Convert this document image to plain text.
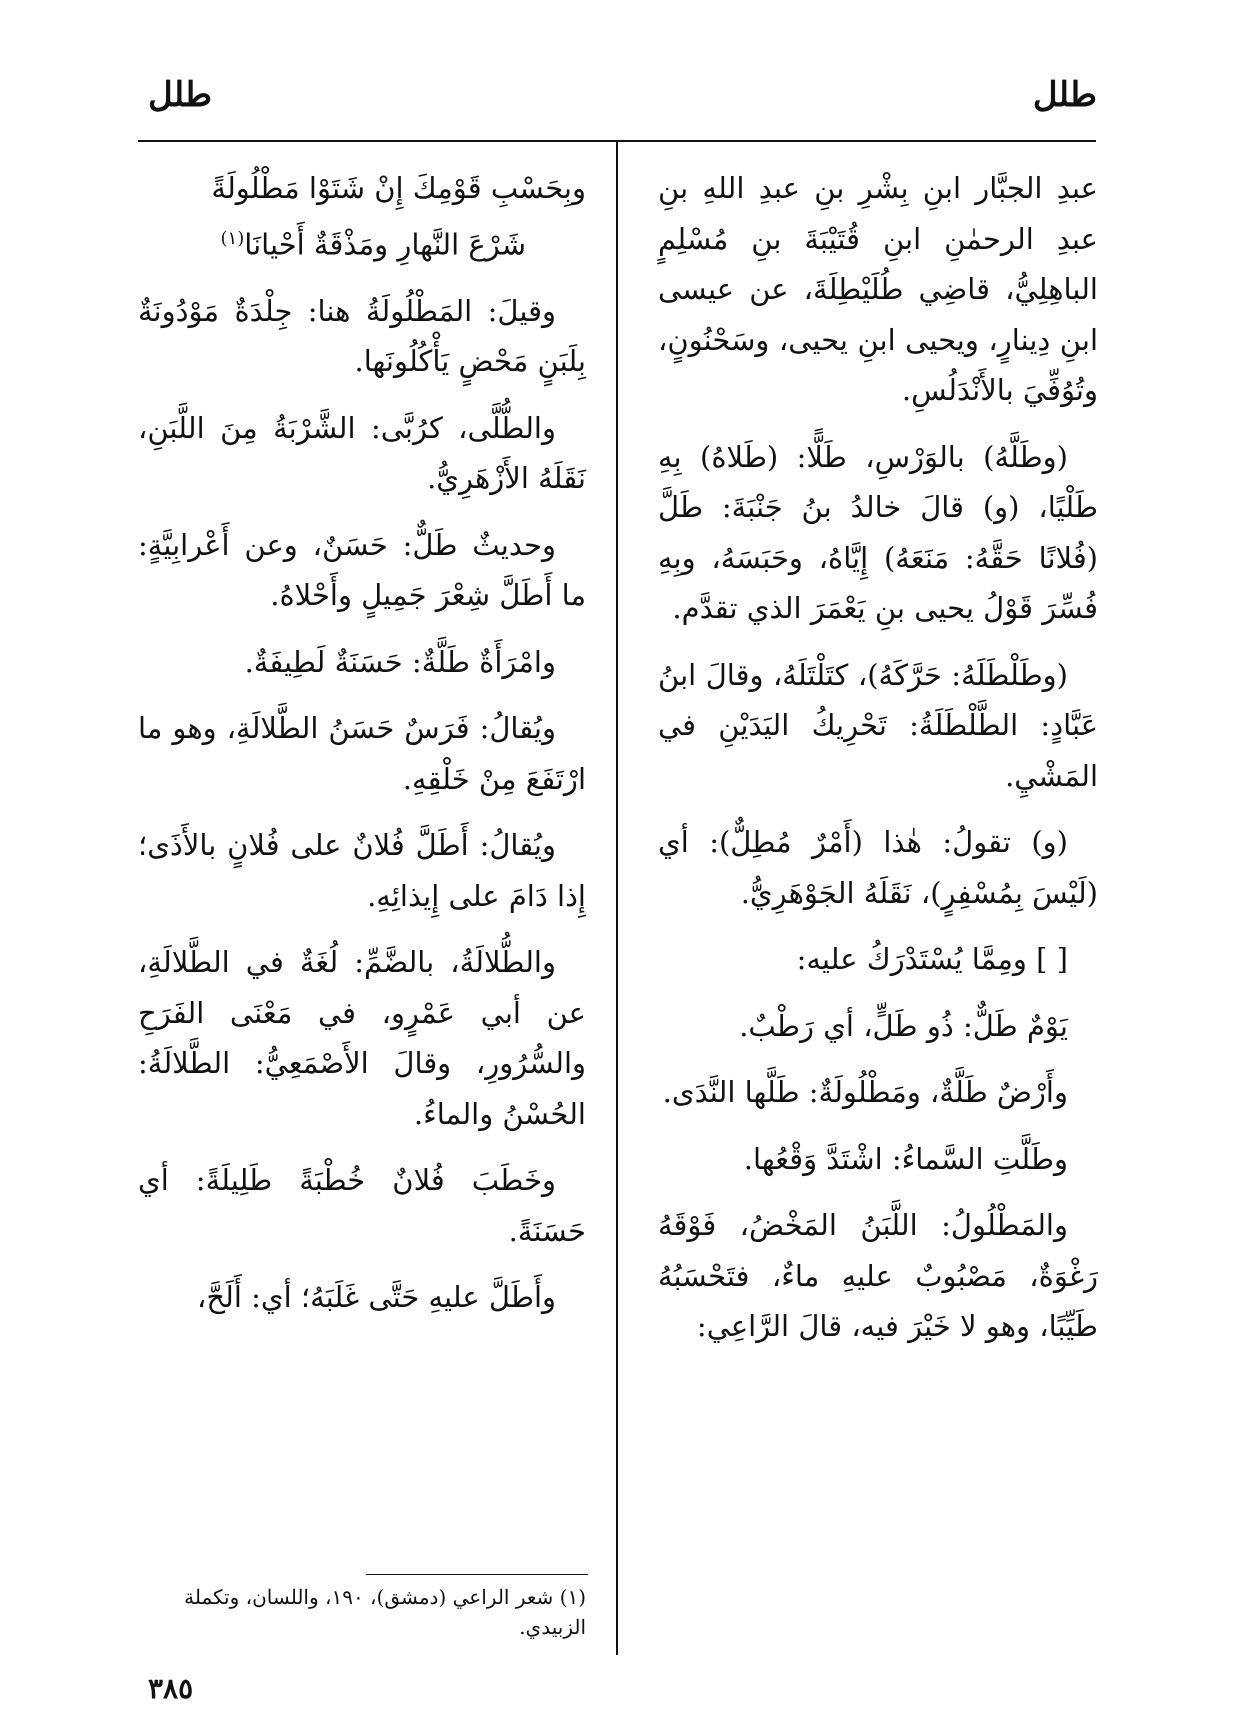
طلل
طلل

عبدِ الجبَّار ابنِ بِشْرِ بنِ عبدِ اللهِ بنِ عبدِ الرحمٰنِ ابنِ قُتَيْبَةَ بنِ مُسْلِمٍ الباهِلِيُّ، قاضِي طُلَيْطِلَةَ، عن عيسى ابنِ دِينارٍ، ويحيى ابنِ يحيى، وسَحْنُونٍ، وتُوُفِّيَ بالأَنْدَلُسِ.

(وطَلَّهُ) بالوَرْسِ، طَلًّا: (طَلاهُ) بِهِ طَلْيًا، (و) قالَ خالدُ بنُ جَنْبَةَ: طَلَّ (فُلانًا حَقَّهُ: مَنَعَهُ) إِيَّاهُ، وحَبَسَهُ، وبِهِ فُسِّرَ قَوْلُ يحيى بنِ يَعْمَرَ الذي تقدَّم.

(وطَلْطَلَهُ: حَرَّكَهُ)، كتَلْتَلَهُ، وقالَ ابنُ عَبَّادٍ: الطَّلْطَلَةُ: تَحْرِيكُ اليَدَيْنِ في المَشْيِ.

(و) تقولُ: هٰذا (أَمْرٌ مُطِلٌّ): أي (لَيْسَ بِمُسْفِرٍ)، نَقَلَهُ الجَوْهَرِيُّ.

[ ] ومِمَّا يُسْتَدْرَكُ عليه:

يَوْمٌ طَلٌّ: ذُو طَلٍّ، أي رَطْبٌ.

وأَرْضٌ طَلَّةٌ، ومَطْلُولَةٌ: طَلَّها النَّدَى.

وطَلَّتِ السَّماءُ: اشْتَدَّ وَقْعُها.

والمَطْلُولُ: اللَّبَنُ المَخْضُ، فَوْقَهُ رَغْوَةٌ، مَصْبُوبٌ عليهِ ماءٌ، فتَحْسَبُهُ طَيِّبًا، وهو لا خَيْرَ فيه، قالَ الرَّاعِي:

وبِحَسْبِ قَوْمِكَ إِنْ شَتَوْا مَطْلُولَةً

شَرْعَ النَّهارِ ومَذْقَةٌ أَحْيانَا$^{(١)}$

وقيلَ: المَطْلُولَةُ هنا: جِلْدَةٌ مَوْدُونَةٌ بِلَبَنٍ مَحْضٍ يَأْكُلُونَها.

والطُّلَّى، كرُبَّى: الشَّرْبَةُ مِنَ اللَّبَنِ، نَقَلَهُ الأَزْهَرِيُّ.

وحديثٌ طَلٌّ: حَسَنٌ، وعن أَعْرابِيَّةٍ: ما أَطَلَّ شِعْرَ جَمِيلٍ وأَحْلاهُ.

وامْرَأَةٌ طَلَّةٌ: حَسَنَةٌ لَطِيفَةٌ.

ويُقالُ: فَرَسٌ حَسَنُ الطَّلالَةِ، وهو ما ارْتَفَعَ مِنْ خَلْقِهِ.

ويُقالُ: أَطَلَّ فُلانٌ على فُلانٍ بالأَذَى؛ إِذا دَامَ على إِيذائِهِ.

والطُّلالَةُ، بالضَّمِّ: لُغَةٌ في الطَّلالَةِ، عن أبي عَمْرٍو، في مَعْنَى الفَرَحِ والسُّرُورِ، وقالَ الأَصْمَعِيُّ: الطَّلالَةُ: الحُسْنُ والماءُ.

وخَطَبَ فُلانٌ خُطْبَةً طَلِيلَةً: أي حَسَنَةً.

وأَطَلَّ عليهِ حَتَّى غَلَبَهُ؛ أي: أَلَحَّ،

(١) شعر الراعي (دمشق)، ١٩٠، واللسان، وتكملة الزبيدي.
٣٨٥
